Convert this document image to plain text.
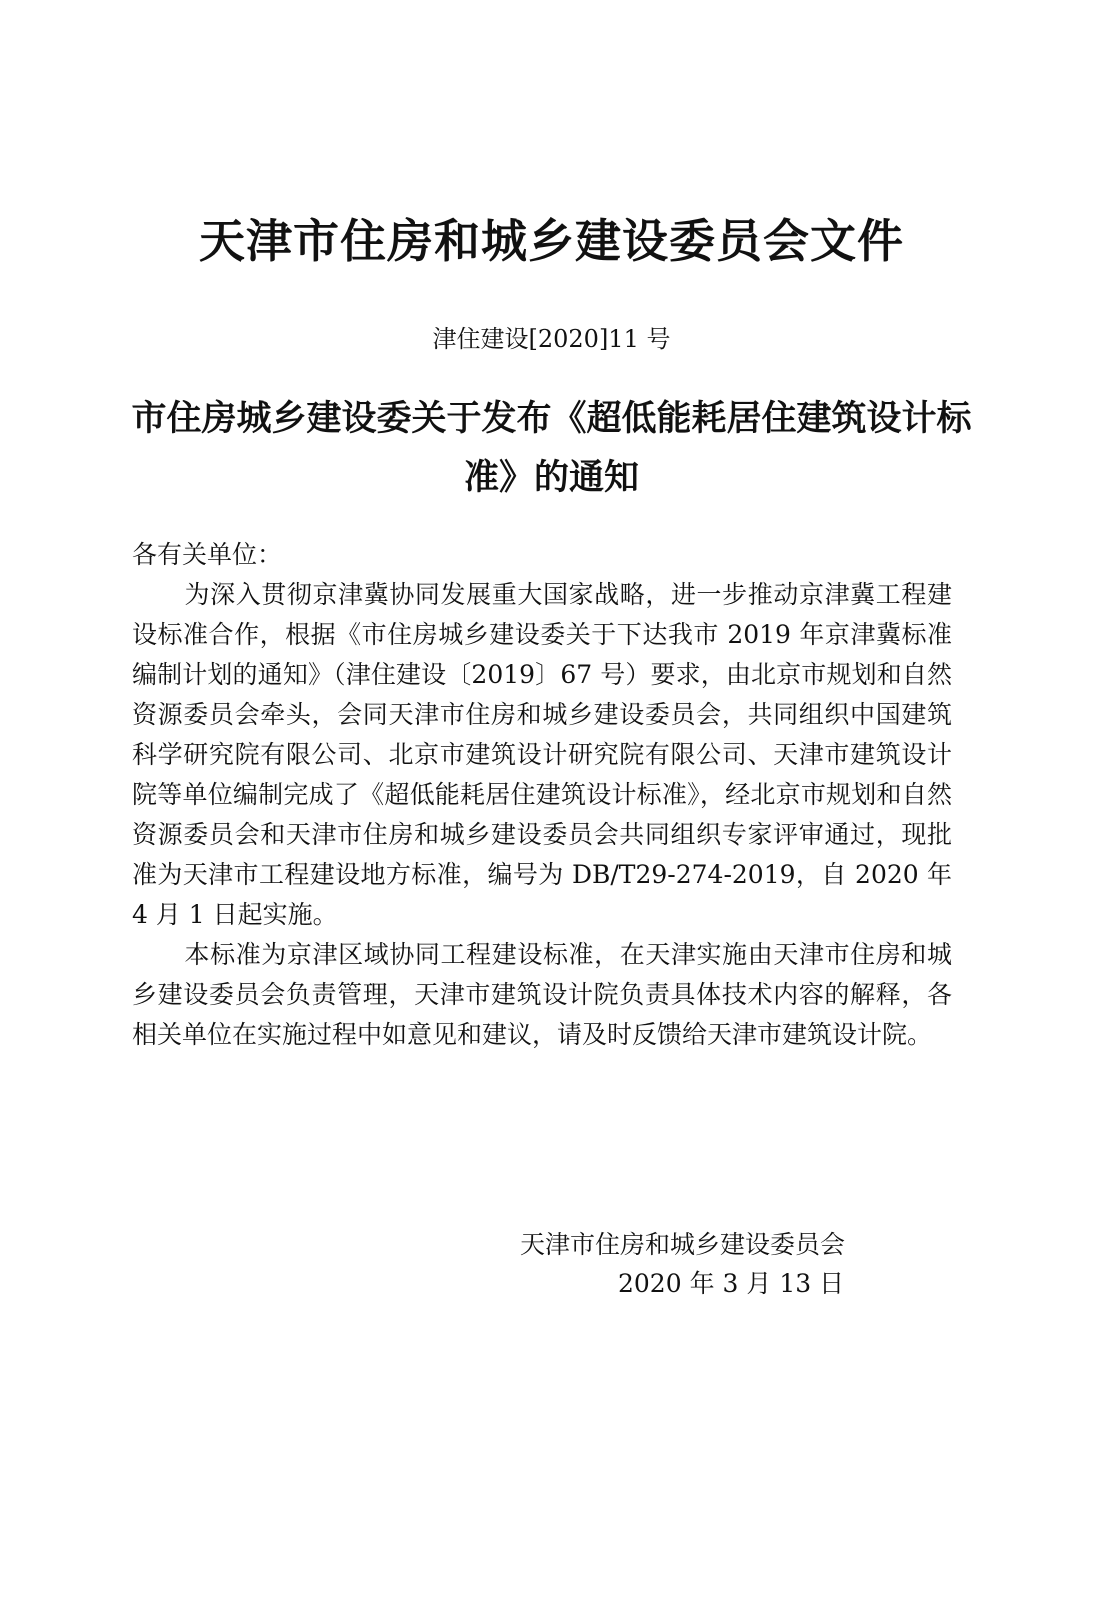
天津市住房和城乡建设委员会文件
津住建设[2020]11 号
市住房城乡建设委关于发布《超低能耗居住建筑设计标准》的通知

各有关单位：

为深入贯彻京津冀协同发展重大国家战略，进一步推动京津冀工程建设标准合作，根据《市住房城乡建设委关于下达我市 2019 年京津冀标准编制计划的通知》（津住建设〔2019〕67 号）要求，由北京市规划和自然资源委员会牵头，会同天津市住房和城乡建设委员会，共同组织中国建筑科学研究院有限公司、北京市建筑设计研究院有限公司、天津市建筑设计院等单位编制完成了《超低能耗居住建筑设计标准》，经北京市规划和自然资源委员会和天津市住房和城乡建设委员会共同组织专家评审通过，现批准为天津市工程建设地方标准，编号为 DB/T29-274-2019，自 2020 年 4 月 1 日起实施。

本标准为京津区域协同工程建设标准，在天津实施由天津市住房和城乡建设委员会负责管理，天津市建筑设计院负责具体技术内容的解释，各相关单位在实施过程中如意见和建议，请及时反馈给天津市建筑设计院。

天津市住房和城乡建设委员会
2020 年 3 月 13 日
